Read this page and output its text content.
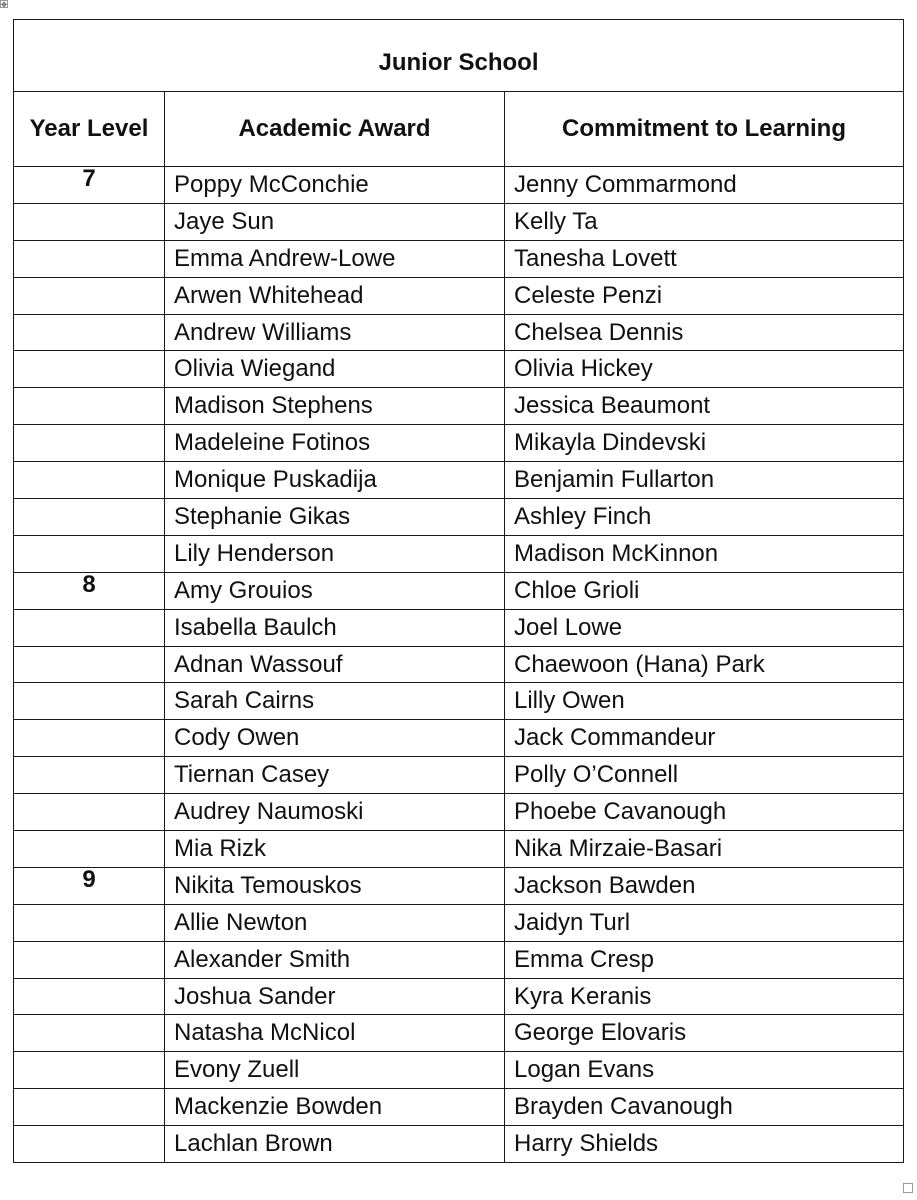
✥
Junior School		
Year Level	Academic Award	Commitment to Learning
7	Poppy McConchie	Jenny Commarmond
	Jaye Sun	Kelly Ta
	Emma Andrew-Lowe	Tanesha Lovett
	Arwen Whitehead	Celeste Penzi
	Andrew Williams	Chelsea Dennis
	Olivia Wiegand	Olivia Hickey
	Madison Stephens	Jessica Beaumont
	Madeleine Fotinos	Mikayla Dindevski
	Monique Puskadija	Benjamin Fullarton
	Stephanie Gikas	Ashley Finch
	Lily Henderson	Madison McKinnon
8	Amy Grouios	Chloe Grioli
	Isabella Baulch	Joel Lowe
	Adnan Wassouf	Chaewoon (Hana) Park
	Sarah Cairns	Lilly Owen
	Cody Owen	Jack Commandeur
	Tiernan Casey	Polly O’Connell
	Audrey Naumoski	Phoebe Cavanough
	Mia Rizk	Nika Mirzaie-Basari
9	Nikita Temouskos	Jackson Bawden
	Allie Newton	Jaidyn Turl
	Alexander Smith	Emma Cresp
	Joshua Sander	Kyra Keranis
	Natasha McNicol	George Elovaris
	Evony Zuell	Logan Evans
	Mackenzie Bowden	Brayden Cavanough
	Lachlan Brown	Harry Shields
